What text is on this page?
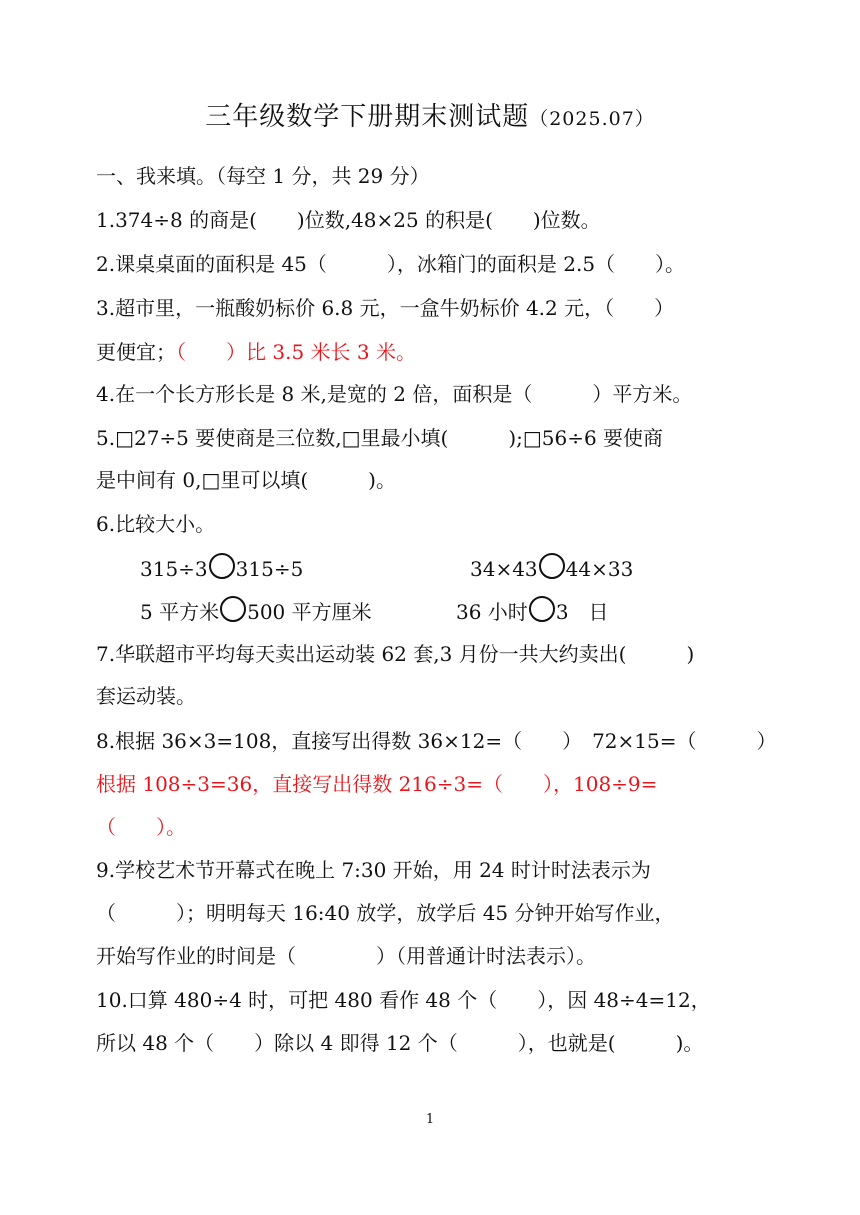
三年级数学下册期末测试题（2025.07）
一、我来填。（每空 1 分，共 29 分）
1.374÷8 的商是(　　)位数,48×25 的积是(　　)位数。
2.课桌桌面的面积是 45（　　　），冰箱门的面积是 2.5（　　）。
3.超市里，一瓶酸奶标价 6.8 元，一盒牛奶标价 4.2 元，（　　）
更便宜；（　　）比 3.5 米长 3 米。
4.在一个长方形长是 8 米,是宽的 2 倍，面积是（　　　）平方米。
5.□27÷5 要使商是三位数,□里最小填(　　　);□56÷6 要使商
是中间有 0,□里可以填(　　　)。
6.比较大小。
315÷3 315÷5	34×43 44×33
5 平方米 500 平方厘米	36 小时 3　日
7.华联超市平均每天卖出运动装 62 套,3 月份一共大约卖出(　　　)
套运动装。
8.根据 36×3=108，直接写出得数 36×12=（　　）　72×15=（　　　）
根据 108÷3=36，直接写出得数 216÷3=（　　），108÷9=
（　　）。
9.学校艺术节开幕式在晚上 7:30 开始，用 24 时计时法表示为
（　　　）；明明每天 16:40 放学，放学后 45 分钟开始写作业，
开始写作业的时间是（　　　　）（用普通计时法表示）。
10.口算 480÷4 时，可把 480 看作 48 个（　　），因 48÷4=12，
所以 48 个（　　）除以 4 即得 12 个（　　　），也就是(　　　)。
1
